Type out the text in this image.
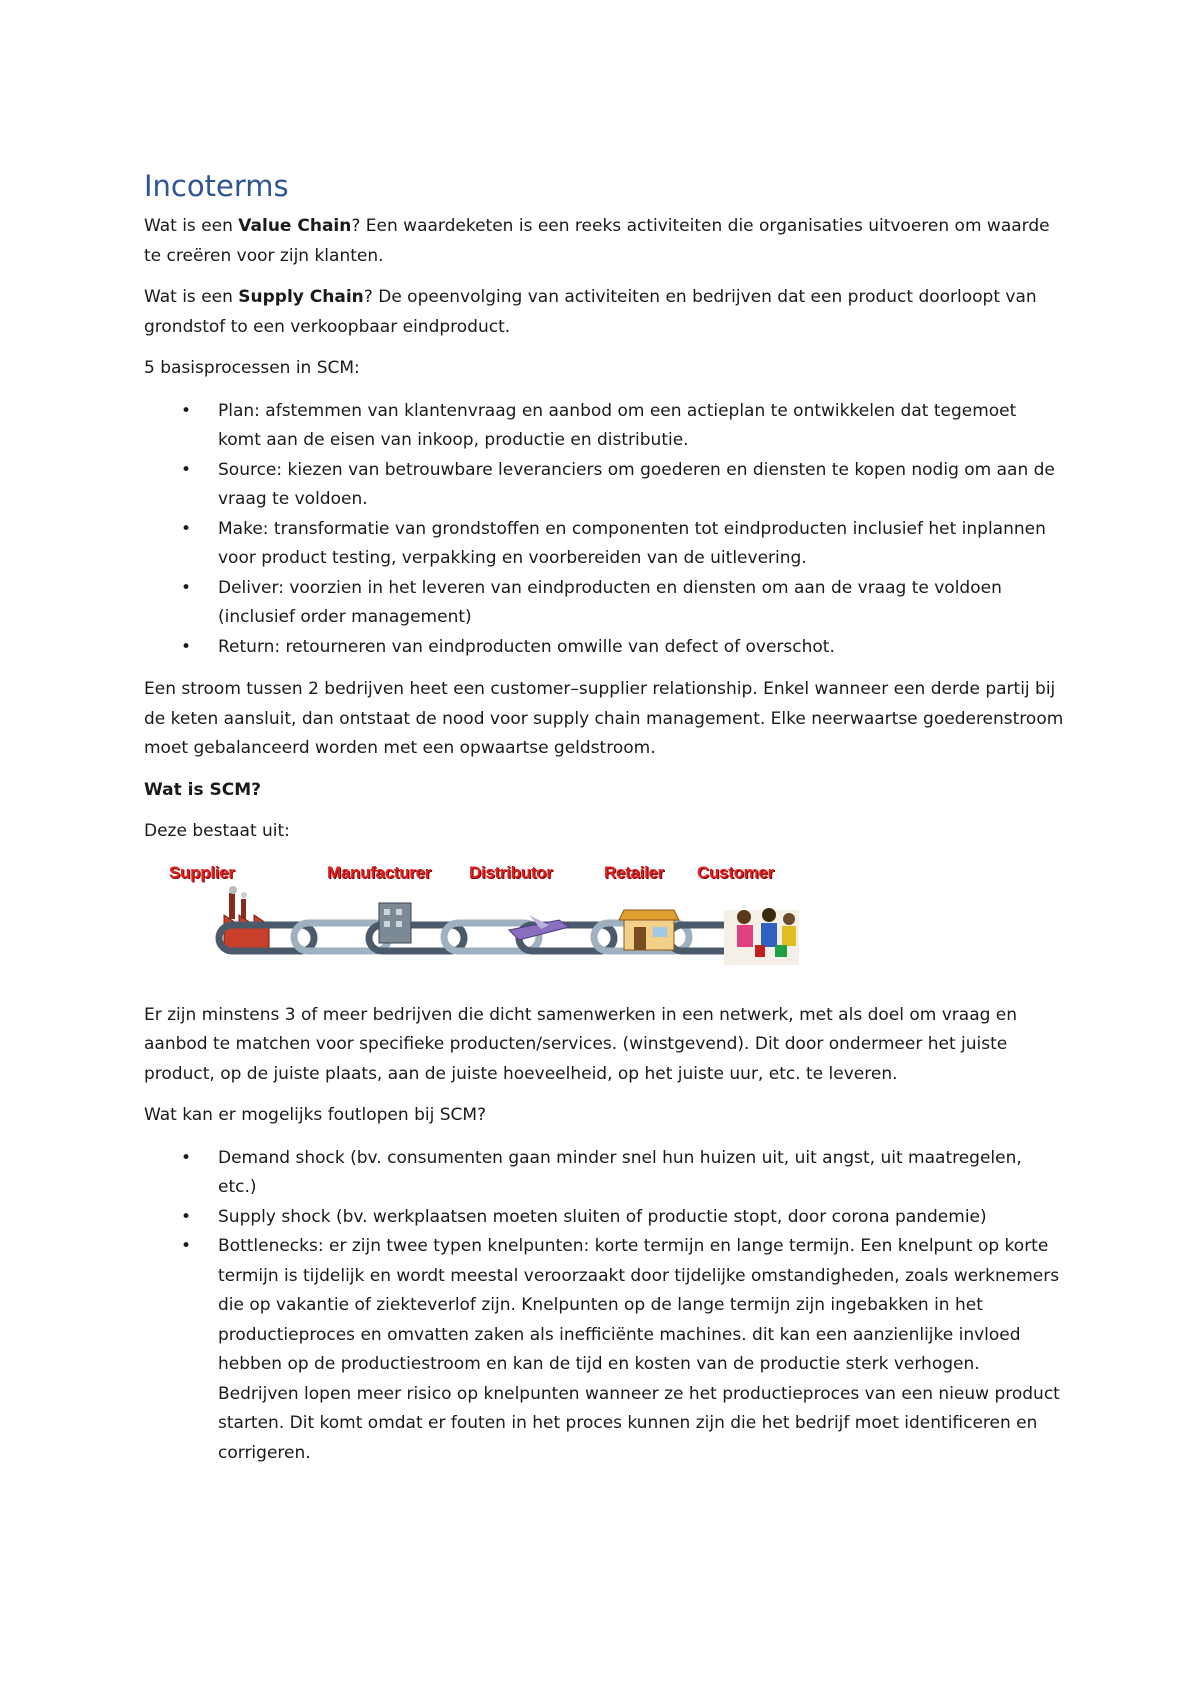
Incoterms

Wat is een Value Chain? Een waardeketen is een reeks activiteiten die organisaties uitvoeren om waarde te creëren voor zijn klanten.

Wat is een Supply Chain? De opeenvolging van activiteiten en bedrijven dat een product doorloopt van grondstof to een verkoopbaar eindproduct.

5 basisprocessen in SCM:

• Plan: afstemmen van klantenvraag en aanbod om een actieplan te ontwikkelen dat tegemoet komt aan de eisen van inkoop, productie en distributie.
• Source: kiezen van betrouwbare leveranciers om goederen en diensten te kopen nodig om aan de vraag te voldoen.
• Make: transformatie van grondstoffen en componenten tot eindproducten inclusief het inplannen voor product testing, verpakking en voorbereiden van de uitlevering.
• Deliver: voorzien in het leveren van eindproducten en diensten om aan de vraag te voldoen (inclusief order management)
• Return: retourneren van eindproducten omwille van defect of overschot.

Een stroom tussen 2 bedrijven heet een customer–supplier relationship. Enkel wanneer een derde partij bij de keten aansluit, dan ontstaat de nood voor supply chain management. Elke neerwaartse goederenstroom moet gebalanceerd worden met een opwaartse geldstroom.

Wat is SCM?

Deze bestaat uit:

Supplier	Manufacturer Distributor	Retailer Customer

Er zijn minstens 3 of meer bedrijven die dicht samenwerken in een netwerk, met als doel om vraag en aanbod te matchen voor specifieke producten/services. (winstgevend). Dit door ondermeer het juiste product, op de juiste plaats, aan de juiste hoeveelheid, op het juiste uur, etc. te leveren.

Wat kan er mogelijks foutlopen bij SCM?

• Demand shock (bv. consumenten gaan minder snel hun huizen uit, uit angst, uit maatregelen, etc.)
• Supply shock (bv. werkplaatsen moeten sluiten of productie stopt, door corona pandemie)
• Bottlenecks: er zijn twee typen knelpunten: korte termijn en lange termijn. Een knelpunt op korte termijn is tijdelijk en wordt meestal veroorzaakt door tijdelijke omstandigheden, zoals werknemers die op vakantie of ziekteverlof zijn. Knelpunten op de lange termijn zijn ingebakken in het productieproces en omvatten zaken als inefficiënte machines. dit kan een aanzienlijke invloed hebben op de productiestroom en kan de tijd en kosten van de productie sterk verhogen. Bedrijven lopen meer risico op knelpunten wanneer ze het productieproces van een nieuw product starten. Dit komt omdat er fouten in het proces kunnen zijn die het bedrijf moet identificeren en corrigeren.
